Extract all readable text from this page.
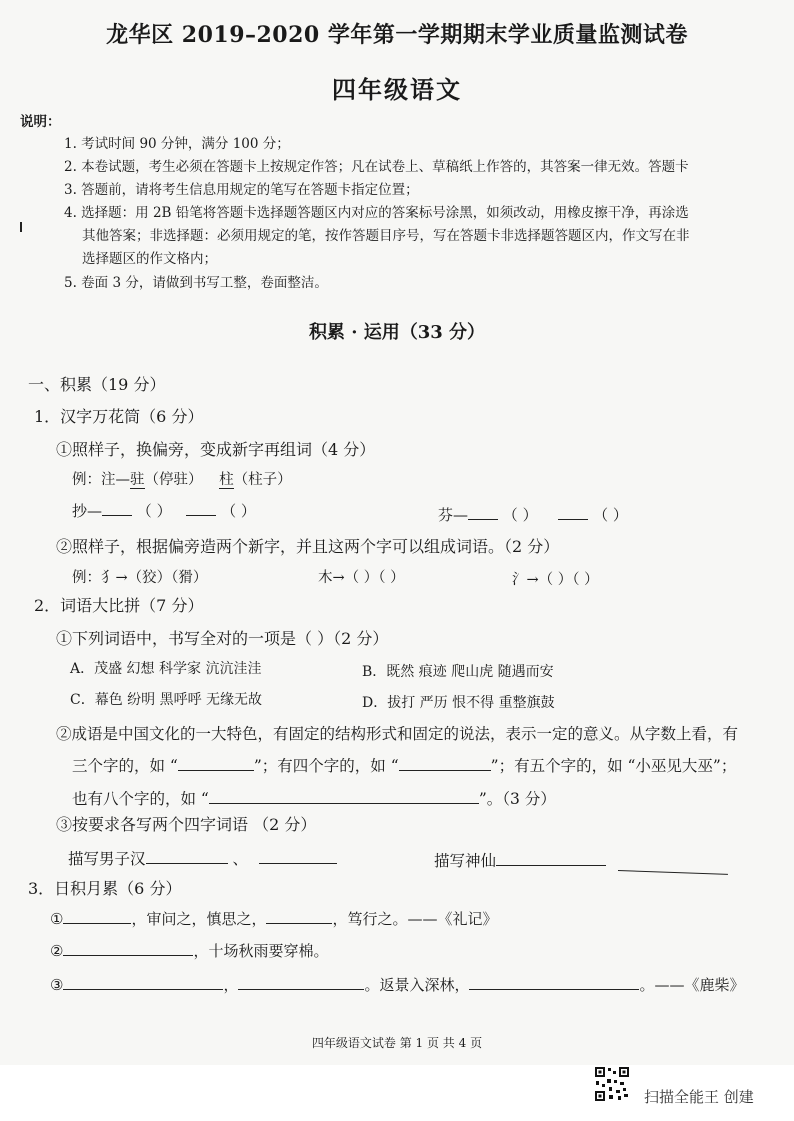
龙华区 2019–2020 学年第一学期期末学业质量监测试卷
四年级语文
说明：
1. 考试时间 90 分钟，满分 100 分；
2. 本卷试题，考生必须在答题卡上按规定作答；凡在试卷上、草稿纸上作答的，其答案一律无效。答题卡
3. 答题前，请将考生信息用规定的笔写在答题卡指定位置；
4. 选择题：用 2B 铅笔将答题卡选择题答题区内对应的答案标号涂黑，如须改动，用橡皮擦干净，再涂选
其他答案；非选择题：必须用规定的笔，按作答题目序号，写在答题卡非选择题答题区内，作文写在非
选择题区的作文格内；
5. 卷面 3 分，请做到书写工整，卷面整洁。
积累 · 运用（33 分）
一、积累（19 分）
1．汉字万花筒（6 分）
①照样子，换偏旁，变成新字再组词（4 分）
例：注—驻（停驻） 柱（柱子）
抄— （ ）	（ ）	芬— （ ）	（ ）
②照样子，根据偏旁造两个新字，并且这两个字可以组成词语。（2 分）
例：犭→（狡）（猾）	木→（ ）（ ）	氵→（ ）（ ）
2．词语大比拼（7 分）
①下列词语中，书写全对的一项是（ ）（2 分）
A．茂盛 幻想 科学家 沆沆洼洼	B．既然 痕迹 爬山虎 随遇而安
C．幕色 纷明 黑呼呼 无缘无故	D．拔打 严历 恨不得 重整旗鼓
②成语是中国文化的一大特色，有固定的结构形式和固定的说法，表示一定的意义。从字数上看，有
三个字的，如 “	”；有四个字的，如 “	”；有五个字的，如 “小巫见大巫”；
也有八个字的，如 “	”。（3 分）
③按要求各写两个四字词语 （2 分）
描写男子汉	、	描写神仙
3．日积月累（6 分）
①	，审问之，慎思之，	，笃行之。——《礼记》
②	，十场秋雨要穿棉。
③	，	。返景入深林，	。——《鹿柴》
四年级语文试卷 第 1 页 共 4 页
扫描全能王 创建
